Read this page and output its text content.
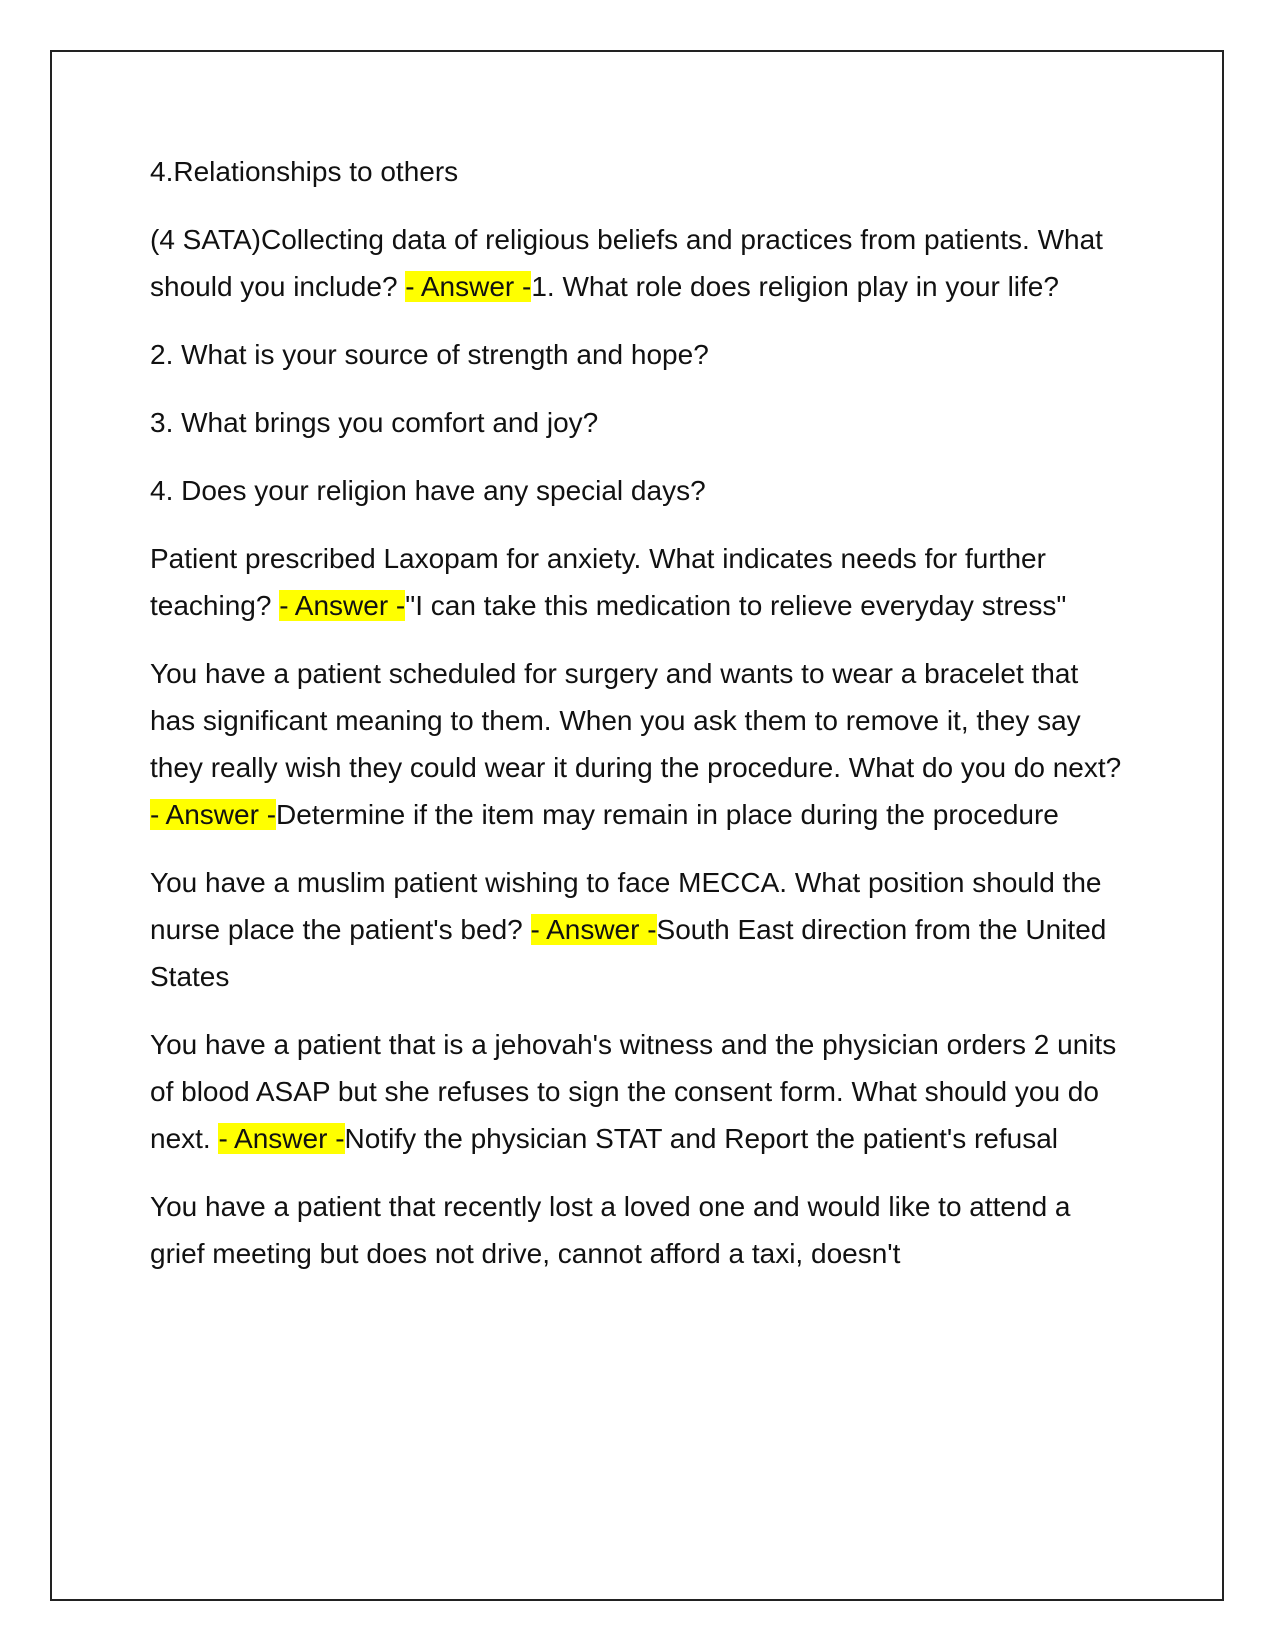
4.Relationships to others

(4 SATA)Collecting data of religious beliefs and practices from patients. What should you include? - Answer -1. What role does religion play in your life?

2. What is your source of strength and hope?

3. What brings you comfort and joy?

4. Does your religion have any special days?

Patient prescribed Laxopam for anxiety. What indicates needs for further teaching? - Answer -"I can take this medication to relieve everyday stress"

You have a patient scheduled for surgery and wants to wear a bracelet that has significant meaning to them. When you ask them to remove it, they say they really wish they could wear it during the procedure. What do you do next? - Answer -Determine if the item may remain in place during the procedure

You have a muslim patient wishing to face MECCA. What position should the nurse place the patient's bed? - Answer -South East direction from the United States

You have a patient that is a jehovah's witness and the physician orders 2 units of blood ASAP but she refuses to sign the consent form. What should you do next. - Answer -Notify the physician STAT and Report the patient's refusal

You have a patient that recently lost a loved one and would like to attend a grief meeting but does not drive, cannot afford a taxi, doesn't
